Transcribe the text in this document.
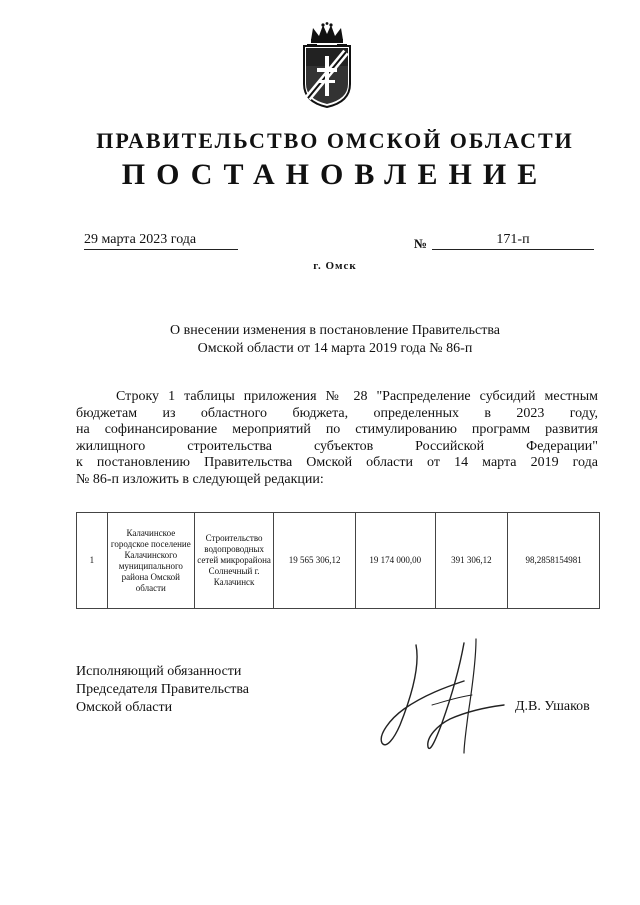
ПРАВИТЕЛЬСТВО ОМСКОЙ ОБЛАСТИ
ПОСТАНОВЛЕНИЕ
29 марта 2023 года	№	171-п
г. Омск
О внесении изменения в постановление Правительства
Омской области от 14 марта 2019 года № 86-п
Строку 1 таблицы приложения № 28 "Распределение субсидий местным
бюджетам из областного бюджета, определенных в 2023 году,
на софинансирование мероприятий по стимулированию программ развития
жилищного строительства субъектов Российской Федерации"
к постановлению Правительства Омской области от 14 марта 2019 года
№ 86-п изложить в следующей редакции:
1	Калачинское городское поселение Калачинского муниципального района Омской области	Строительство водопроводных сетей микрорайона Солнечный г. Калачинск	19 565 306,12	19 174 000,00	391 306,12	98,2858154981
Исполняющий обязанности
Председателя Правительства
Омской области	Д.В. Ушаков
